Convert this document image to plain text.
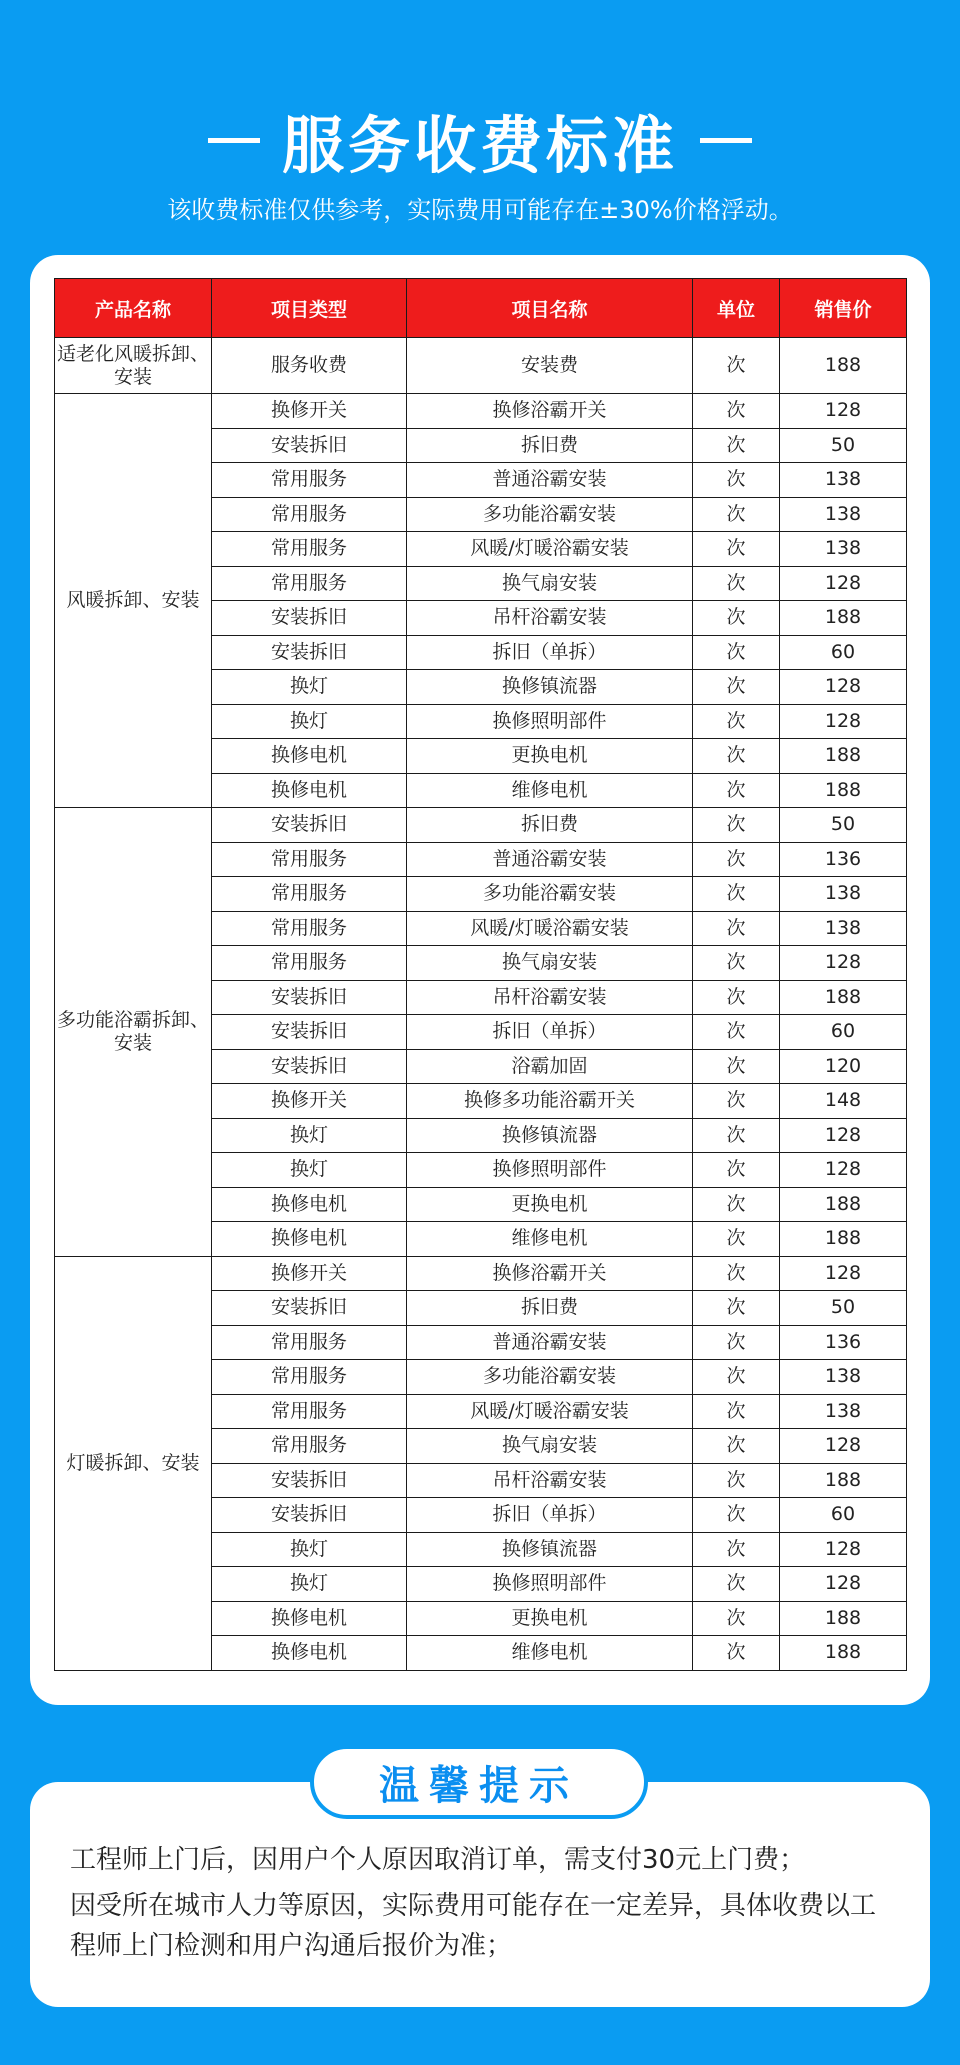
服务收费标准
该收费标准仅供参考，实际费用可能存在±30%价格浮动。
产品名称	项目类型	项目名称	单位	销售价
适老化风暖拆卸、安装	服务收费	安装费	次	188
风暖拆卸、安装	换修开关	换修浴霸开关	次	128
	安装拆旧	拆旧费	次	50
	常用服务	普通浴霸安装	次	138
	常用服务	多功能浴霸安装	次	138
	常用服务	风暖/灯暖浴霸安装	次	138
	常用服务	换气扇安装	次	128
	安装拆旧	吊杆浴霸安装	次	188
	安装拆旧	拆旧（单拆）	次	60
	换灯	换修镇流器	次	128
	换灯	换修照明部件	次	128
	换修电机	更换电机	次	188
	换修电机	维修电机	次	188
多功能浴霸拆卸、安装	安装拆旧	拆旧费	次	50
	常用服务	普通浴霸安装	次	136
	常用服务	多功能浴霸安装	次	138
	常用服务	风暖/灯暖浴霸安装	次	138
	常用服务	换气扇安装	次	128
	安装拆旧	吊杆浴霸安装	次	188
	安装拆旧	拆旧（单拆）	次	60
	安装拆旧	浴霸加固	次	120
	换修开关	换修多功能浴霸开关	次	148
	换灯	换修镇流器	次	128
	换灯	换修照明部件	次	128
	换修电机	更换电机	次	188
	换修电机	维修电机	次	188
灯暖拆卸、安装	换修开关	换修浴霸开关	次	128
	安装拆旧	拆旧费	次	50
	常用服务	普通浴霸安装	次	136
	常用服务	多功能浴霸安装	次	138
	常用服务	风暖/灯暖浴霸安装	次	138
	常用服务	换气扇安装	次	128
	安装拆旧	吊杆浴霸安装	次	188
	安装拆旧	拆旧（单拆）	次	60
	换灯	换修镇流器	次	128
	换灯	换修照明部件	次	128
	换修电机	更换电机	次	188
	换修电机	维修电机	次	188
工程师上门后，因用户个人原因取消订单，需支付30元上门费；
因受所在城市人力等原因，实际费用可能存在一定差异，具体收费以工程师上门检测和用户沟通后报价为准；
温馨提示
